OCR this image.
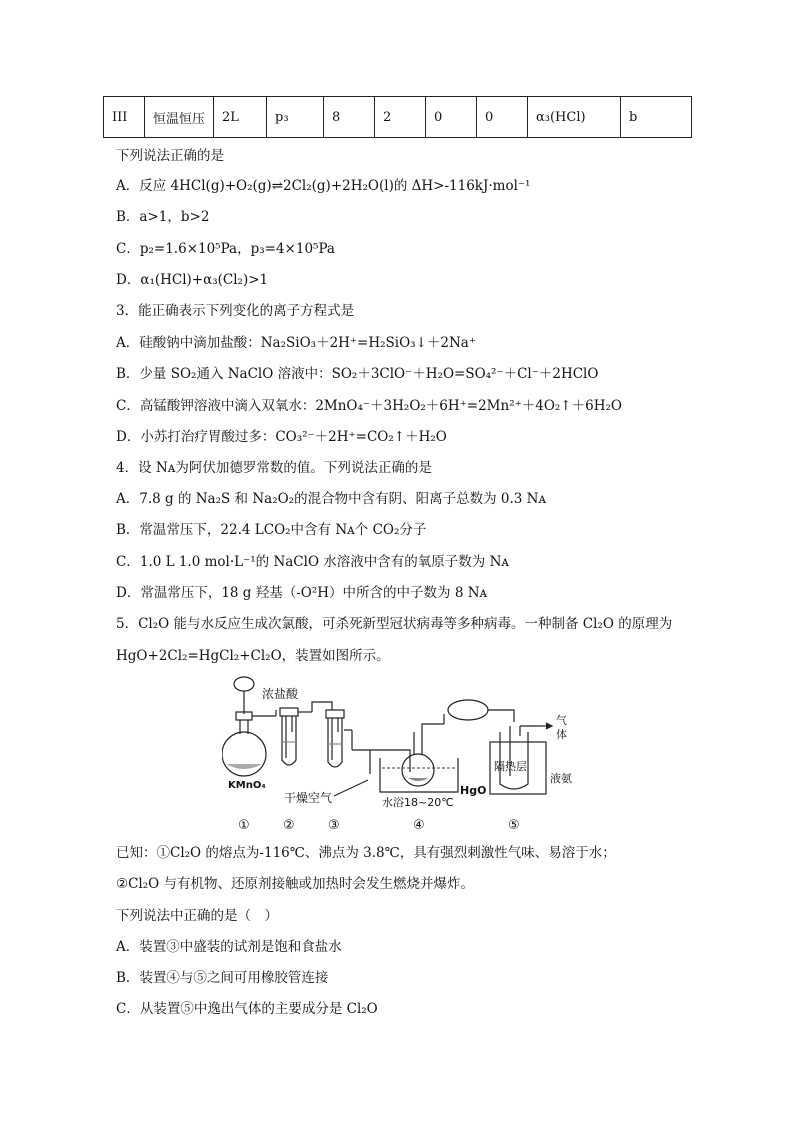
III	恒温恒压	2L	p₃	8	2	0	0	α₃(HCl)	b
下列说法正确的是
A．反应 4HCl(g)+O₂(g)⇌2Cl₂(g)+2H₂O(l)的 ΔH>-116kJ·mol⁻¹
B．a>1，b>2
C．p₂=1.6×10⁵Pa，p₃=4×10⁵Pa
D．α₁(HCl)+α₃(Cl₂)>1
3．能正确表示下列变化的离子方程式是
A．硅酸钠中滴加盐酸：Na₂SiO₃＋2H⁺=H₂SiO₃↓＋2Na⁺
B．少量 SO₂通入 NaClO 溶液中：SO₂＋3ClO⁻＋H₂O=SO₄²⁻＋Cl⁻＋2HClO
C．高锰酸钾溶液中滴入双氧水：2MnO₄⁻＋3H₂O₂＋6H⁺=2Mn²⁺＋4O₂↑＋6H₂O
D．小苏打治疗胃酸过多：CO₃²⁻＋2H⁺=CO₂↑＋H₂O
4．设 Nᴀ为阿伏加德罗常数的值。下列说法正确的是
A．7.8 g 的 Na₂S 和 Na₂O₂的混合物中含有阴、阳离子总数为 0.3 Nᴀ
B．常温常压下，22.4 LCO₂中含有 Nᴀ个 CO₂分子
C．1.0 L 1.0 mol·L⁻¹的 NaClO 水溶液中含有的氧原子数为 Nᴀ
D．常温常压下，18 g 羟基（-O²H）中所含的中子数为 8 Nᴀ
5．Cl₂O 能与水反应生成次氯酸，可杀死新型冠状病毒等多种病毒。一种制备 Cl₂O 的原理为
HgO+2Cl₂=HgCl₂+Cl₂O，装置如图所示。
浓盐酸
KMnO₄
干燥空气	水浴18~20℃
HgO
气
体
隔热层
液氨
①	②	③	④	⑤
已知：①Cl₂O 的熔点为-116℃、沸点为 3.8℃，具有强烈刺激性气味、易溶于水；
②Cl₂O 与有机物、还原剂接触或加热时会发生燃烧并爆炸。
下列说法中正确的是（　）
A．装置③中盛装的试剂是饱和食盐水
B．装置④与⑤之间可用橡胶管连接
C．从装置⑤中逸出气体的主要成分是 Cl₂O
